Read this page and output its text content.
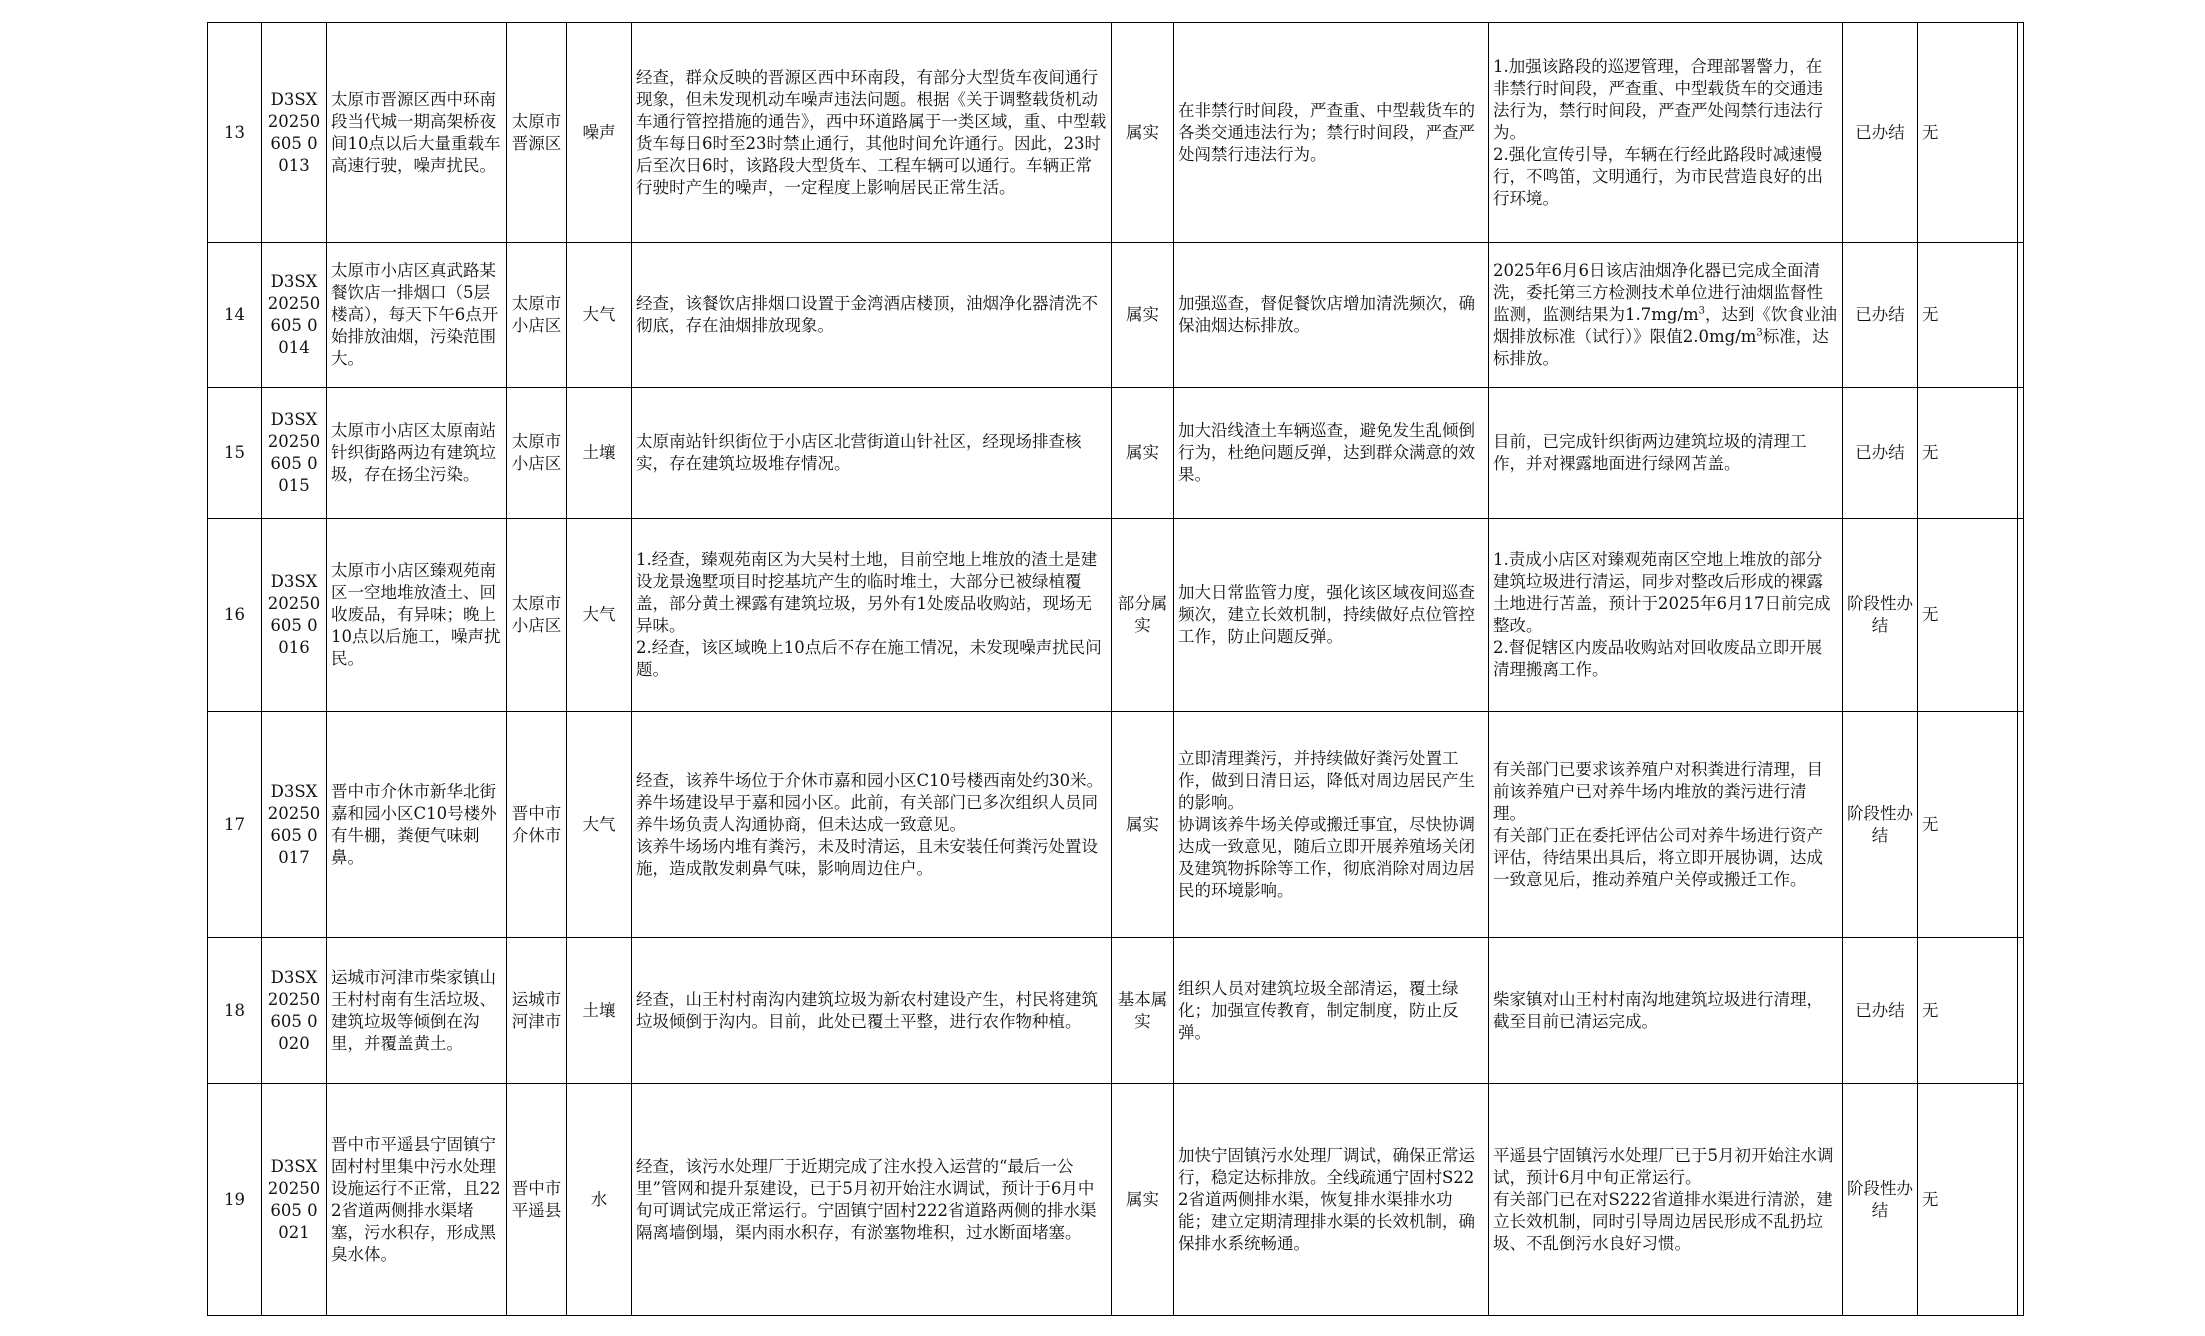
13	D3SX20250605 0013	太原市晋源区西中环南段当代城一期高架桥夜间10点以后大量重载车高速行驶，噪声扰民。	太原市晋源区	噪声	经查，群众反映的晋源区西中环南段，有部分大型货车夜间通行现象，但未发现机动车噪声违法问题。根据《关于调整载货机动车通行管控措施的通告》，西中环道路属于一类区域，重、中型载货车每日6时至23时禁止通行，其他时间允许通行。因此，23时后至次日6时，该路段大型货车、工程车辆可以通行。车辆正常行驶时产生的噪声，一定程度上影响居民正常生活。	属实	在非禁行时间段，严查重、中型载货车的各类交通违法行为；禁行时间段，严查严处闯禁行违法行为。	1.加强该路段的巡逻管理，合理部署警力，在非禁行时间段，严查重、中型载货车的交通违法行为，禁行时间段，严查严处闯禁行违法行为。
2.强化宣传引导，车辆在行经此路段时减速慢行，不鸣笛，文明通行，为市民营造良好的出行环境。	已办结	无	
14	D3SX20250605 0014	太原市小店区真武路某餐饮店一排烟口（5层楼高），每天下午6点开始排放油烟，污染范围大。	太原市小店区	大气	经查，该餐饮店排烟口设置于金湾酒店楼顶，油烟净化器清洗不彻底，存在油烟排放现象。	属实	加强巡查，督促餐饮店增加清洗频次，确保油烟达标排放。	2025年6月6日该店油烟净化器已完成全面清洗，委托第三方检测技术单位进行油烟监督性监测，监测结果为$1.7mg/m^3$，达到《饮食业油烟排放标准（试行）》限值$2.0mg/m^3$标准，达标排放。	已办结	无	
15	D3SX20250605 0015	太原市小店区太原南站针织街路两边有建筑垃圾，存在扬尘污染。	太原市小店区	土壤	太原南站针织街位于小店区北营街道山针社区，经现场排查核实，存在建筑垃圾堆存情况。	属实	加大沿线渣土车辆巡查，避免发生乱倾倒行为，杜绝问题反弹，达到群众满意的效果。	目前，已完成针织街两边建筑垃圾的清理工作，并对裸露地面进行绿网苫盖。	已办结	无	
16	D3SX20250605 0016	太原市小店区臻观苑南区一空地堆放渣土、回收废品，有异味；晚上10点以后施工，噪声扰民。	太原市小店区	大气	1.经查，臻观苑南区为大吴村土地，目前空地上堆放的渣土是建设龙景逸墅项目时挖基坑产生的临时堆土，大部分已被绿植覆盖，部分黄土裸露有建筑垃圾，另外有1处废品收购站，现场无异味。
2.经查，该区域晚上10点后不存在施工情况，未发现噪声扰民问题。	部分属实	加大日常监管力度，强化该区域夜间巡查频次，建立长效机制，持续做好点位管控工作，防止问题反弹。	1.责成小店区对臻观苑南区空地上堆放的部分建筑垃圾进行清运，同步对整改后形成的裸露土地进行苫盖，预计于2025年6月17日前完成整改。
2.督促辖区内废品收购站对回收废品立即开展清理搬离工作。	阶段性办结	无	
17	D3SX20250605 0017	晋中市介休市新华北街嘉和园小区C10号楼外有牛棚，粪便气味刺鼻。	晋中市介休市	大气	经查，该养牛场位于介休市嘉和园小区C10号楼西南处约30米。养牛场建设早于嘉和园小区。此前，有关部门已多次组织人员同养牛场负责人沟通协商，但未达成一致意见。
该养牛场场内堆有粪污，未及时清运，且未安装任何粪污处置设施，造成散发刺鼻气味，影响周边住户。	属实	立即清理粪污，并持续做好粪污处置工作，做到日清日运，降低对周边居民产生的影响。
协调该养牛场关停或搬迁事宜，尽快协调达成一致意见，随后立即开展养殖场关闭及建筑物拆除等工作，彻底消除对周边居民的环境影响。	有关部门已要求该养殖户对积粪进行清理，目前该养殖户已对养牛场内堆放的粪污进行清理。
有关部门正在委托评估公司对养牛场进行资产评估，待结果出具后，将立即开展协调，达成一致意见后，推动养殖户关停或搬迁工作。	阶段性办结	无	
18	D3SX20250605 0020	运城市河津市柴家镇山王村村南有生活垃圾、建筑垃圾等倾倒在沟里，并覆盖黄土。	运城市河津市	土壤	经查，山王村村南沟内建筑垃圾为新农村建设产生，村民将建筑垃圾倾倒于沟内。目前，此处已覆土平整，进行农作物种植。	基本属实	组织人员对建筑垃圾全部清运，覆土绿化；加强宣传教育，制定制度，防止反弹。	柴家镇对山王村村南沟地建筑垃圾进行清理，截至目前已清运完成。	已办结	无	
19	D3SX20250605 0021	晋中市平遥县宁固镇宁固村村里集中污水处理设施运行不正常，且222省道两侧排水渠堵塞，污水积存，形成黑臭水体。	晋中市平遥县	水	经查，该污水处理厂于近期完成了注水投入运营的“最后一公里”管网和提升泵建设，已于5月初开始注水调试，预计于6月中旬可调试完成正常运行。宁固镇宁固村222省道路两侧的排水渠隔离墙倒塌，渠内雨水积存，有淤塞物堆积，过水断面堵塞。	属实	加快宁固镇污水处理厂调试，确保正常运行，稳定达标排放。全线疏通宁固村S222省道两侧排水渠，恢复排水渠排水功能；建立定期清理排水渠的长效机制，确保排水系统畅通。	平遥县宁固镇污水处理厂已于5月初开始注水调试，预计6月中旬正常运行。
有关部门已在对S222省道排水渠进行清淤，建立长效机制，同时引导周边居民形成不乱扔垃圾、不乱倒污水良好习惯。	阶段性办结	无	
